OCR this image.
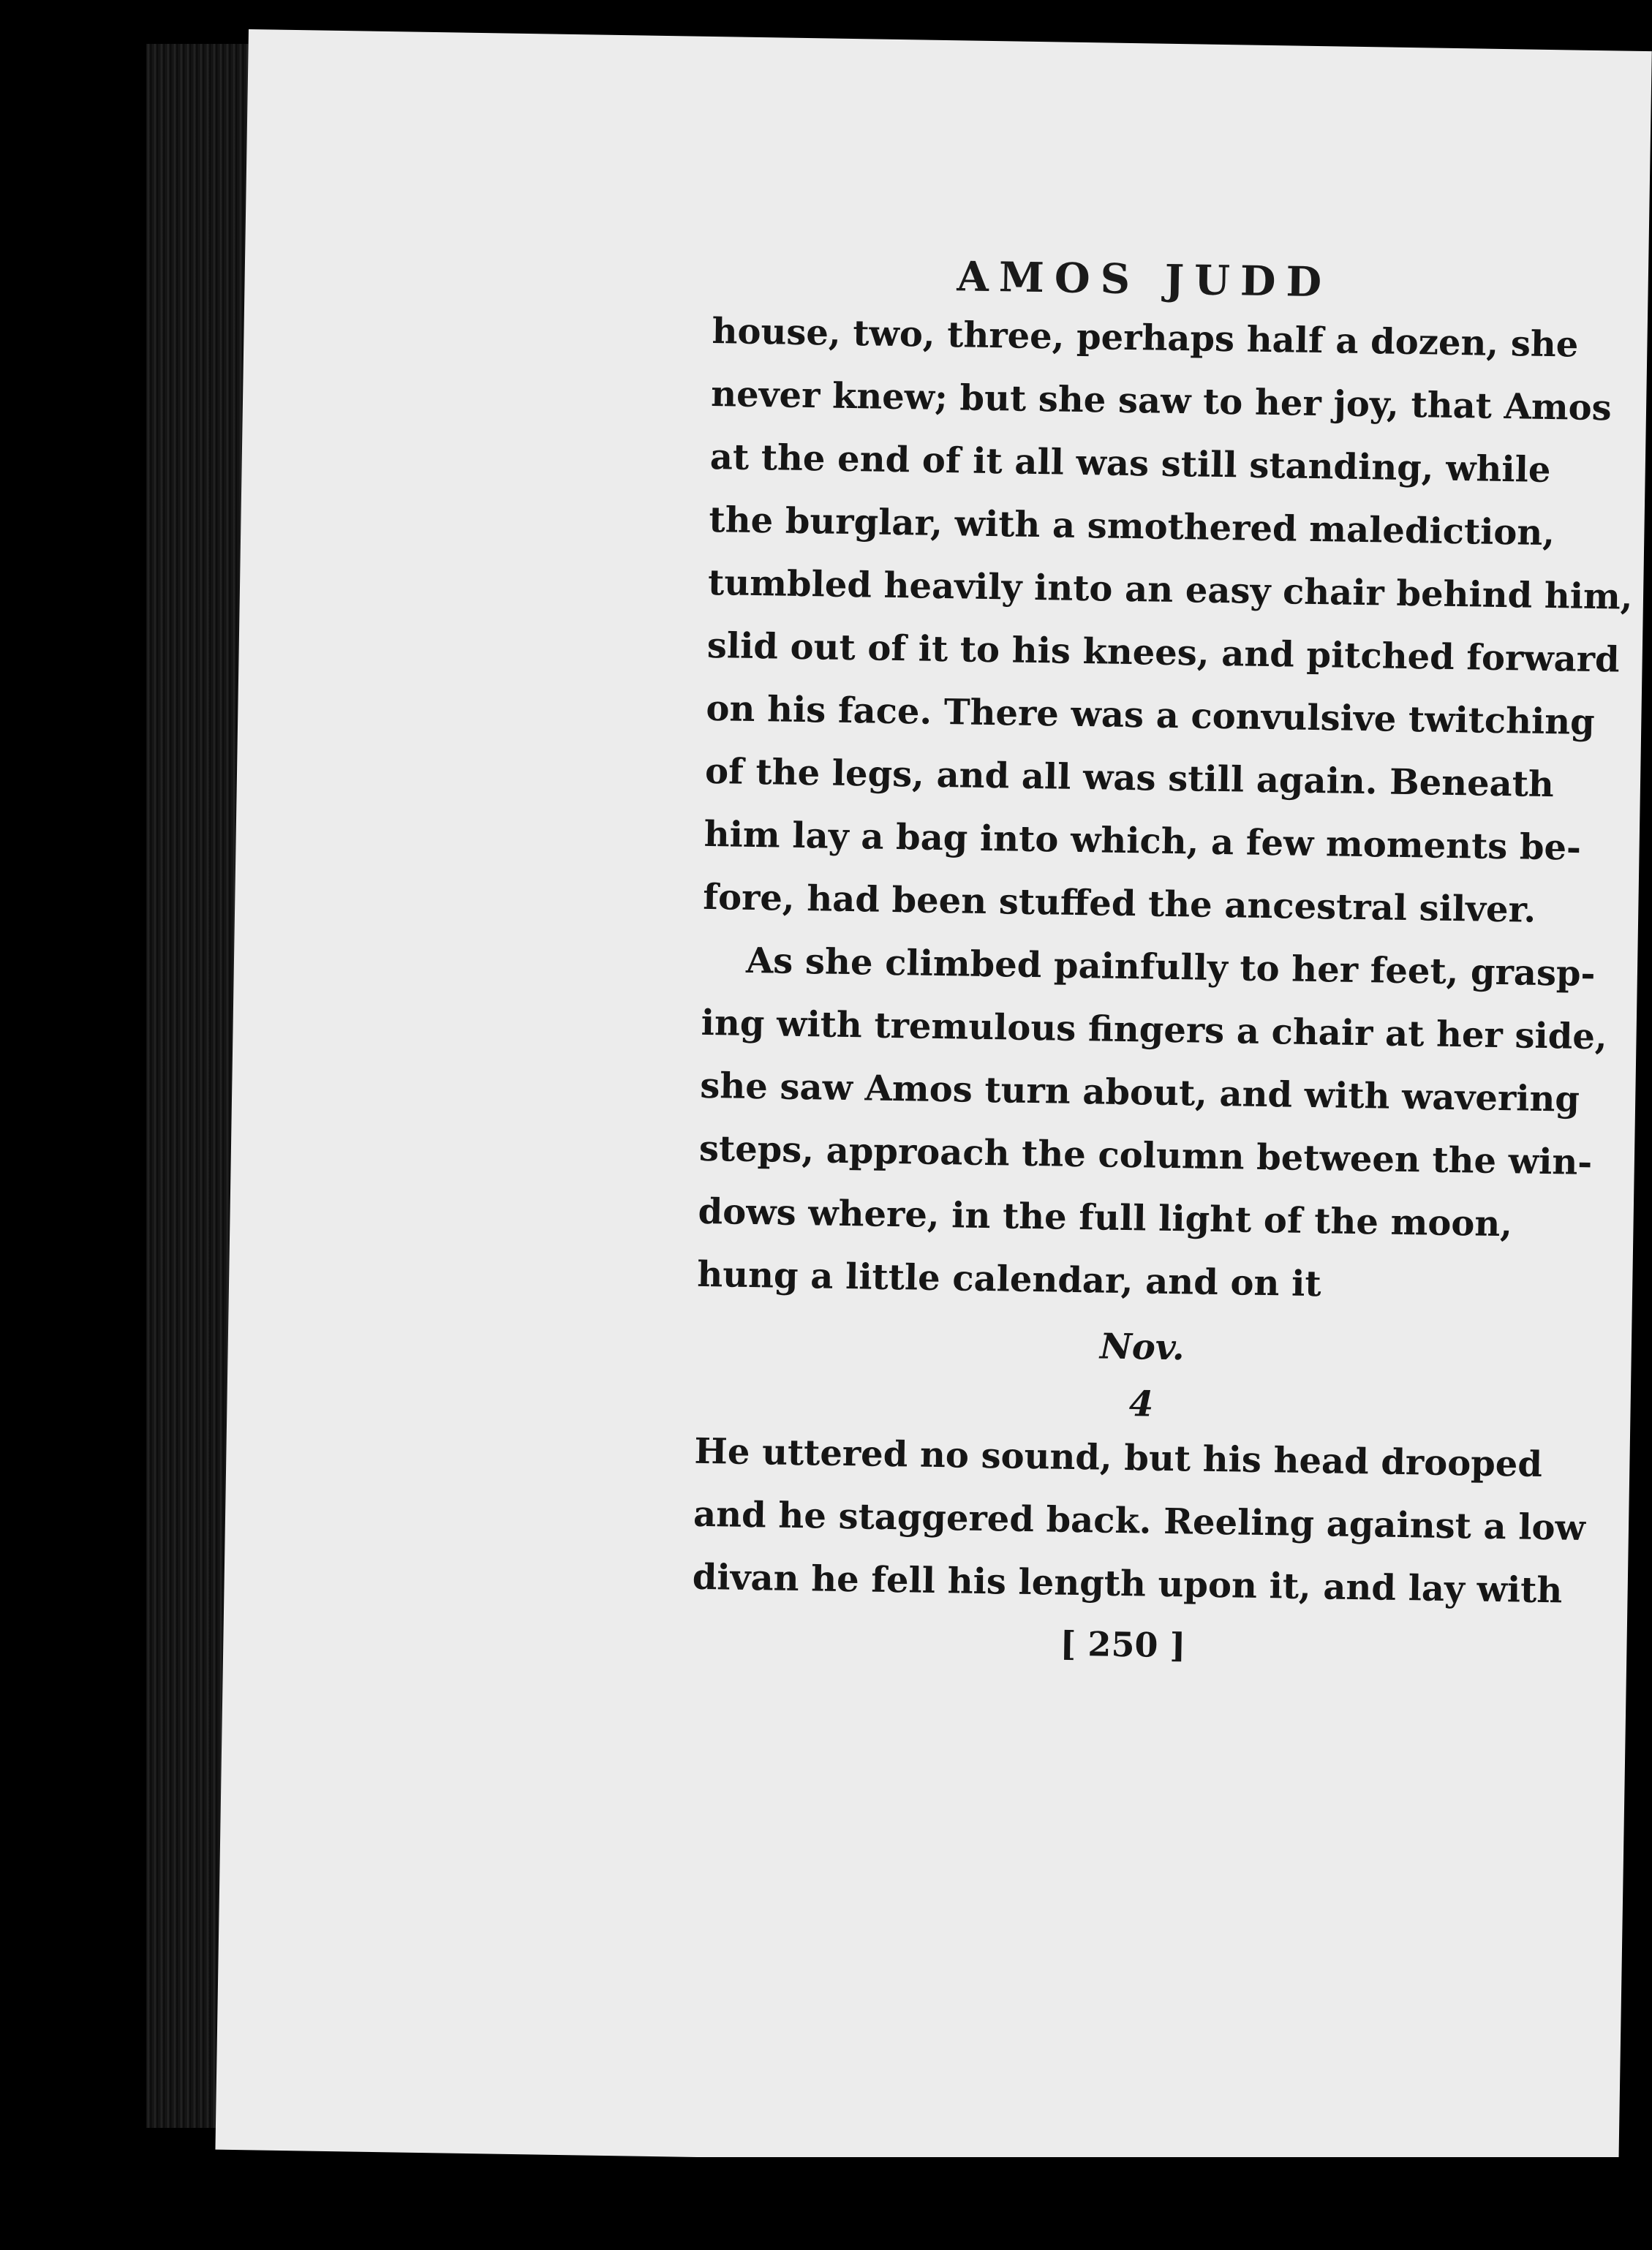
AMOS JUDD
house, two, three, perhaps half a dozen, she
never knew; but she saw to her joy, that Amos
at the end of it all was still standing, while
the burglar, with a smothered malediction,
tumbled heavily into an easy chair behind him,
slid out of it to his knees, and pitched forward
on his face. There was a convulsive twitching
of the legs, and all was still again. Beneath
him lay a bag into which, a few moments be-
fore, had been stuffed the ancestral silver.
As she climbed painfully to her feet, grasp-
ing with tremulous fingers a chair at her side,
she saw Amos turn about, and with wavering
steps, approach the column between the win-
dows where, in the full light of the moon,
hung a little calendar, and on it
Nov.
4
He uttered no sound, but his head drooped
and he staggered back. Reeling against a low
divan he fell his length upon it, and lay with
[ 250 ]
